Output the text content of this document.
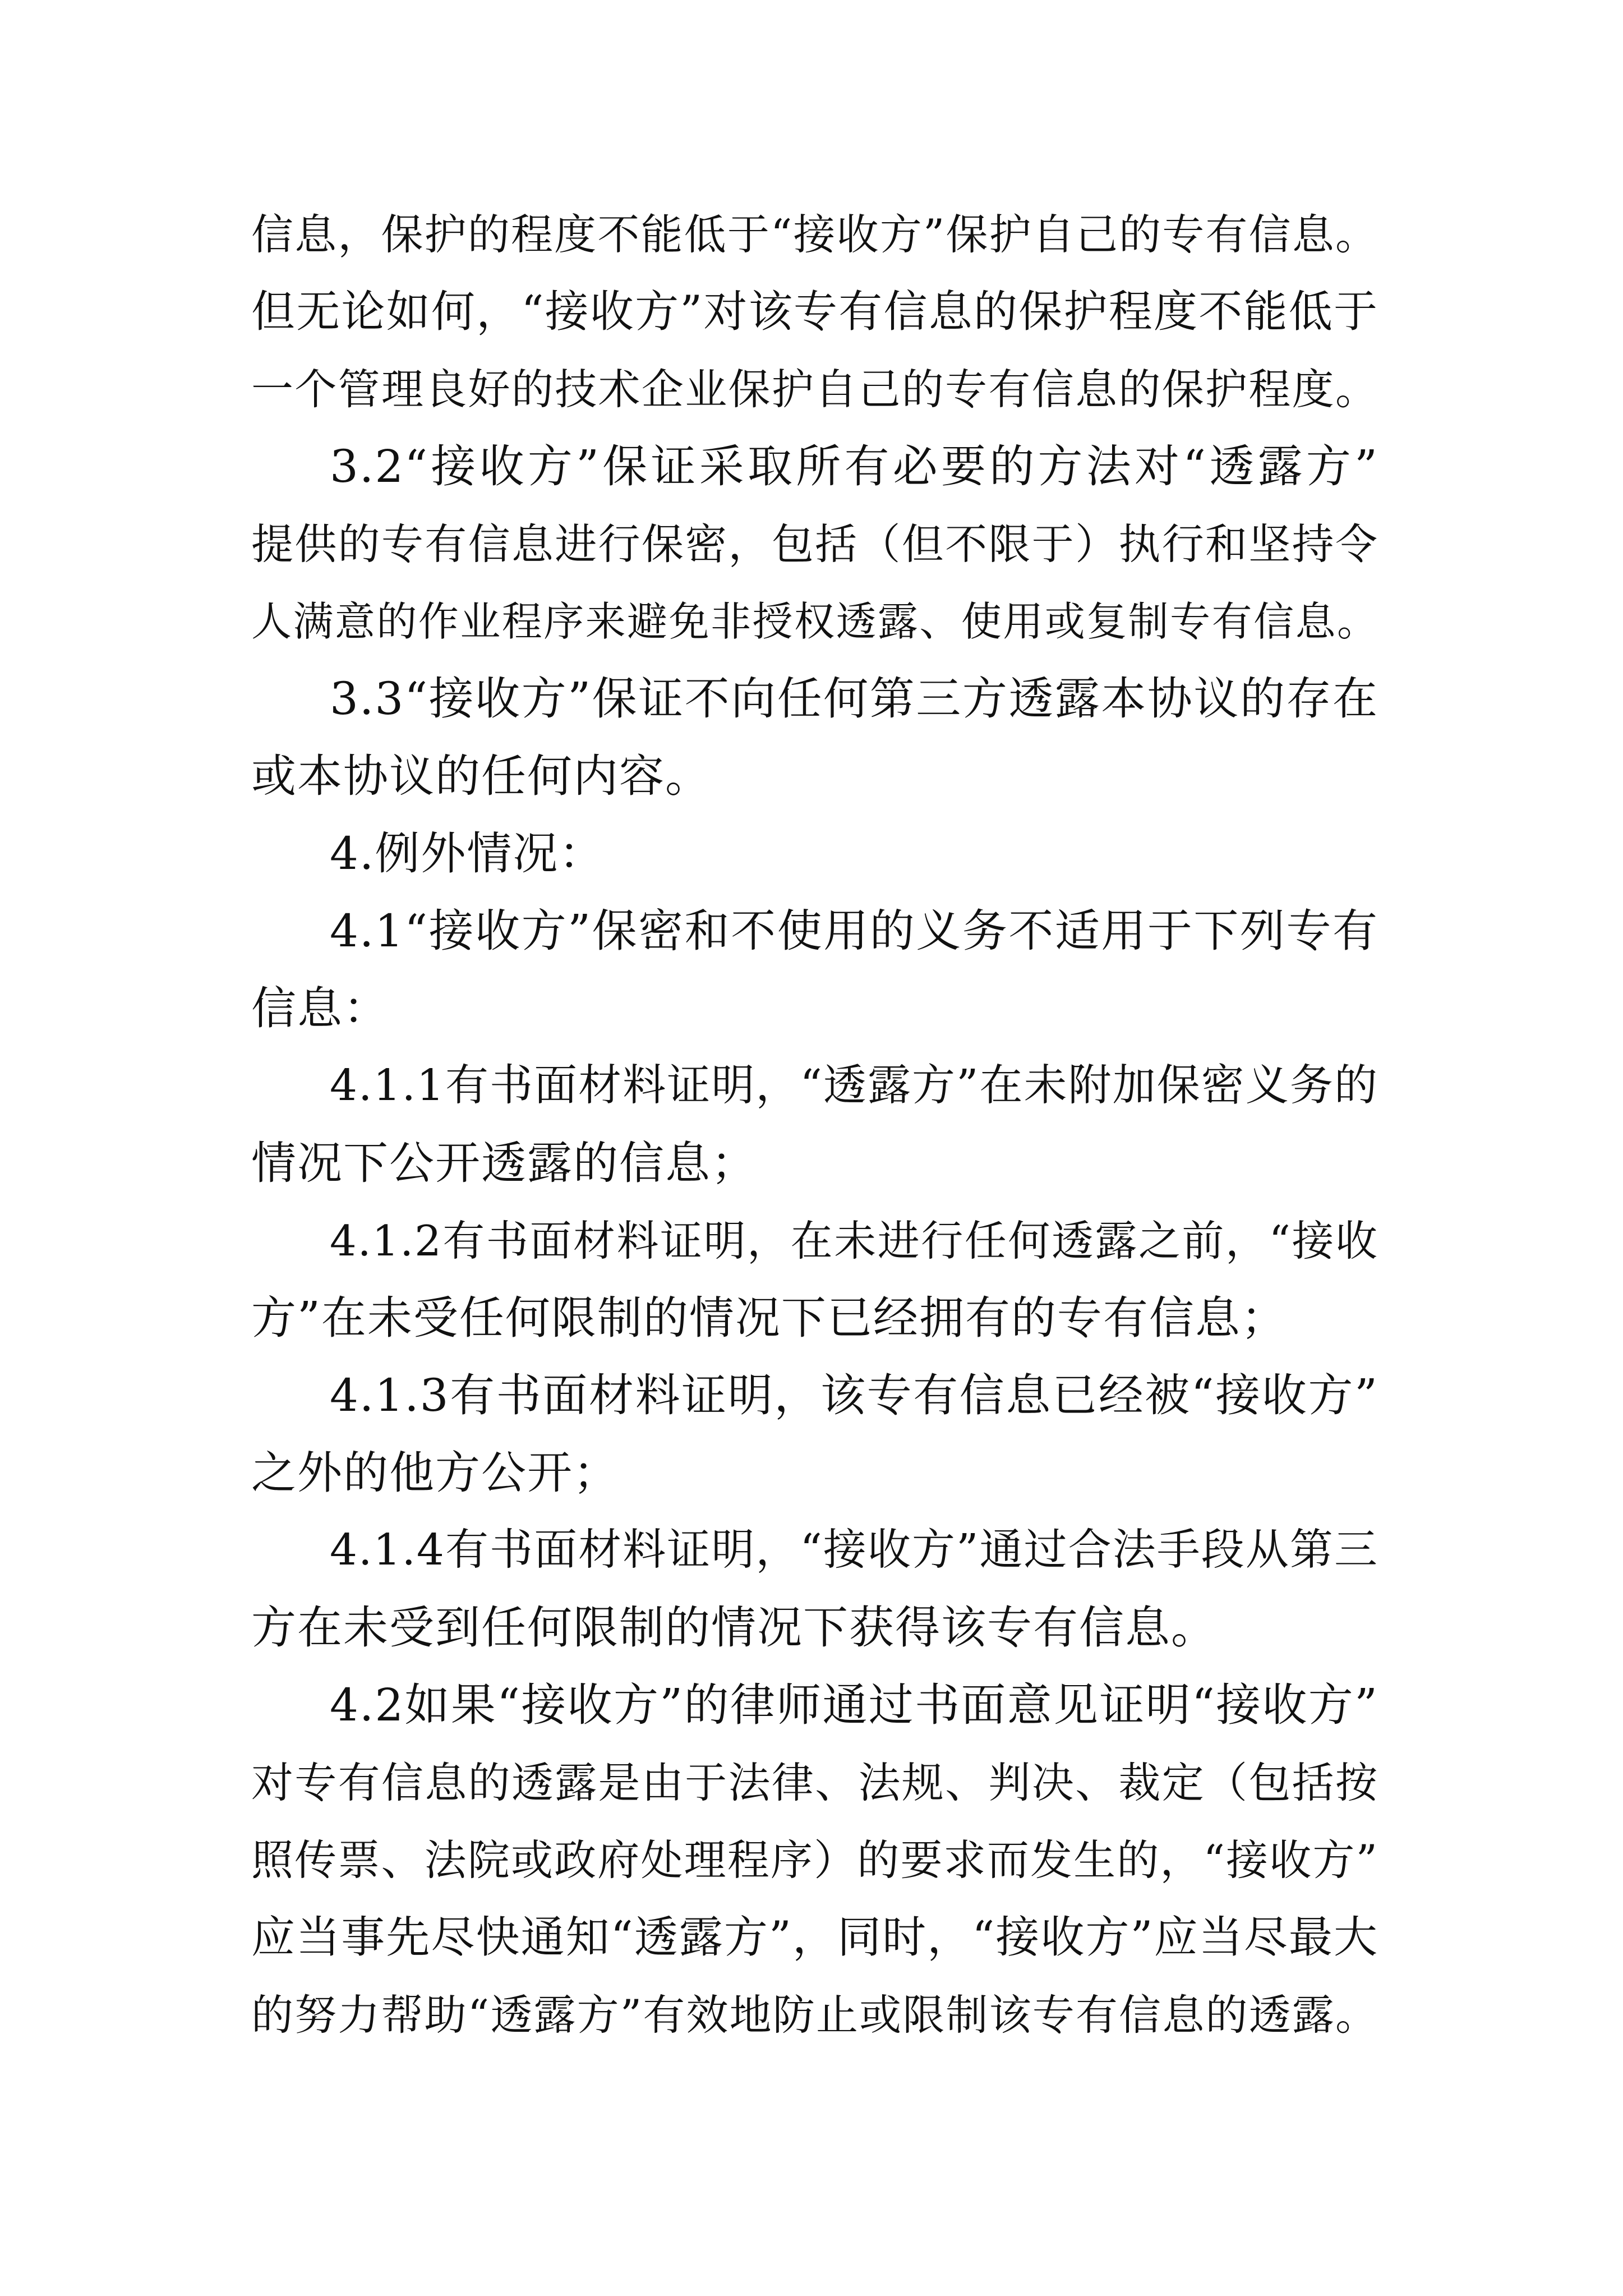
信息，保护的程度不能低于“接收方”保护自己的专有信息。

但无论如何，“接收方”对该专有信息的保护程度不能低于

一个管理良好的技术企业保护自己的专有信息的保护程度。

3.2“接收方”保证采取所有必要的方法对“透露方”

提供的专有信息进行保密，包括（但不限于）执行和坚持令

人满意的作业程序来避免非授权透露、使用或复制专有信息。

3.3“接收方”保证不向任何第三方透露本协议的存在

或本协议的任何内容。

4.例外情况：

4.1“接收方”保密和不使用的义务不适用于下列专有

信息：

4.1.1有书面材料证明，“透露方”在未附加保密义务的

情况下公开透露的信息；

4.1.2有书面材料证明，在未进行任何透露之前，“接收

方”在未受任何限制的情况下已经拥有的专有信息；

4.1.3有书面材料证明，该专有信息已经被“接收方”

之外的他方公开；

4.1.4有书面材料证明，“接收方”通过合法手段从第三

方在未受到任何限制的情况下获得该专有信息。

4.2如果“接收方”的律师通过书面意见证明“接收方”

对专有信息的透露是由于法律、法规、判决、裁定（包括按

照传票、法院或政府处理程序）的要求而发生的，“接收方”

应当事先尽快通知“透露方”，同时，“接收方”应当尽最大

的努力帮助“透露方”有效地防止或限制该专有信息的透露。
